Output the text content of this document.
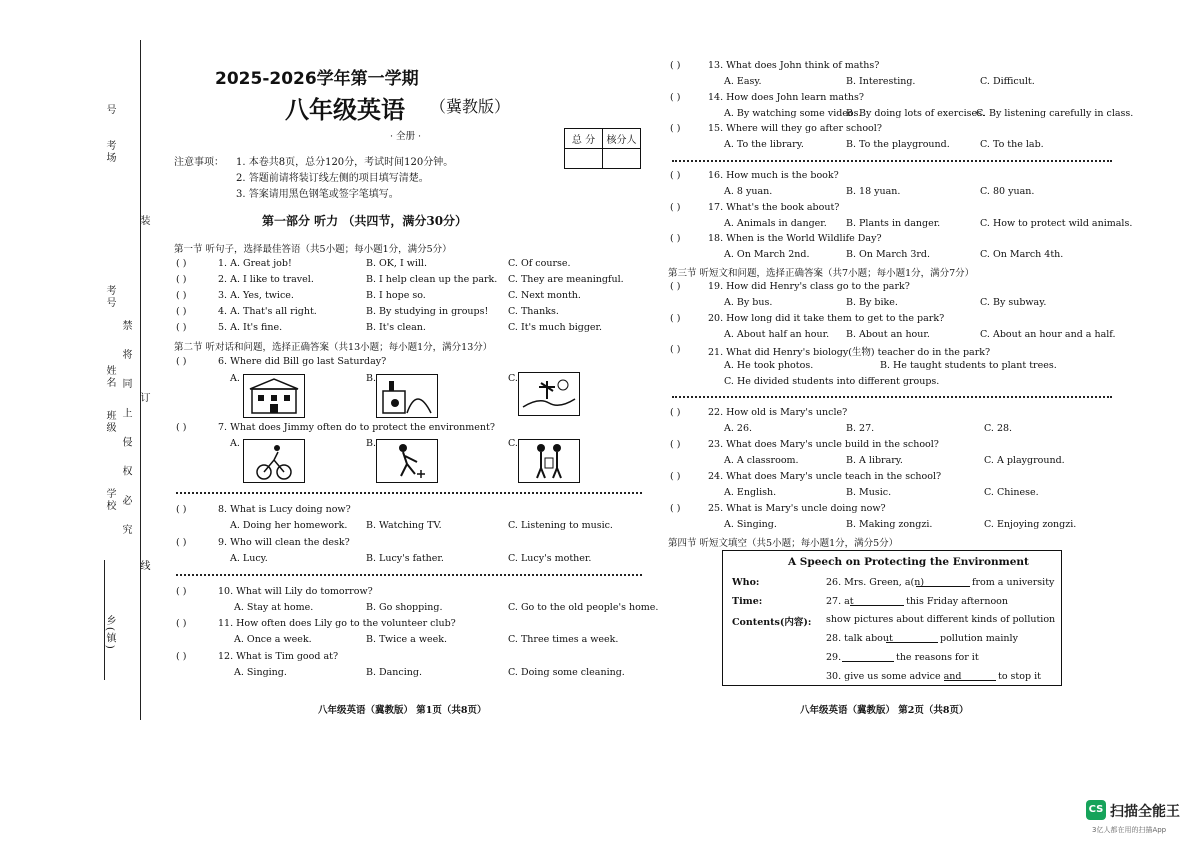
号
考场
装
考号
姓名
班级
学校
订
线
乡(镇)
禁 将 同 上 侵 权 必 究
2025-2026学年第一学期
八年级英语 （冀教版）
· 全册 ·	总 分	核分人

注意事项： 1. 本卷共8页，总分120分，考试时间120分钟。
2. 答题前请将装订线左侧的项目填写清楚。
3. 答案请用黑色钢笔或签字笔填写。
第一部分 听力 （共四节，满分30分）
第一节 听句子，选择最佳答语（共5小题；每小题1分，满分5分）
( )	1. A. Great job!	B. OK, I will.	C. Of course.
( )	2. A. I like to travel.	B. I help clean up the park. C. They are meaningful.
( )	3. A. Yes, twice.	B. I hope so.	C. Next month.
( )	4. A. That's all right.	B. By studying in groups! C. Thanks.
( )	5. A. It's fine.	B. It's clean.	C. It's much bigger.
第二节 听对话和问题，选择正确答案（共13小题；每小题1分，满分13分）
( )	6. Where did Bill go last Saturday?
A.	B.	C.
( )	7. What does Jimmy often do to protect the environment?
A.	B.	C.
( )	8. What is Lucy doing now?
A. Doing her homework. B. Watching TV.	C. Listening to music.
( )	9. Who will clean the desk?
A. Lucy.	B. Lucy's father.	C. Lucy's mother.
( )	10. What will Lily do tomorrow?
A. Stay at home.	B. Go shopping.	C. Go to the old people's home.
( )	11. How often does Lily go to the volunteer club?
A. Once a week.	B. Twice a week.	C. Three times a week.
( )	12. What is Tim good at?
A. Singing.	B. Dancing.	C. Doing some cleaning.
八年级英语（冀教版） 第1页（共8页）
( )	13. What does John think of maths?
A. Easy.	B. Interesting.	C. Difficult.
( )	14. How does John learn maths?
A. By watching some videos.
B. By doing lots of exercises.
C. By listening carefully in class.
( )	15. Where will they go after school?
A. To the library.	B. To the playground.	C. To the lab.
( )	16. How much is the book?
A. 8 yuan.	B. 18 yuan.	C. 80 yuan.
( )	17. What's the book about?
A. Animals in danger. B. Plants in danger.	C. How to protect wild animals.
( )	18. When is the World Wildlife Day?
A. On March 2nd.	B. On March 3rd.	C. On March 4th.
第三节 听短文和问题，选择正确答案（共7小题；每小题1分，满分7分）
( )	19. How did Henry's class go to the park?
A. By bus.	B. By bike.	C. By subway.
( )	20. How long did it take them to get to the park?
A. About half an hour. B. About an hour.	C. About an hour and a half.
( )	21. What did Henry's biology(生物) teacher do in the park?
A. He took photos.	B. He taught students to plant trees.
C. He divided students into different groups.
( )	22. How old is Mary's uncle?
A. 26.	B. 27.	C. 28.
( )	23. What does Mary's uncle build in the school?
A. A classroom.	B. A library.	C. A playground.
( )	24. What does Mary's uncle teach in the school?
A. English.	B. Music.	C. Chinese.
( )	25. What is Mary's uncle doing now?
A. Singing.	B. Making zongzi.	C. Enjoying zongzi.
第四节 听短文填空（共5小题；每小题1分，满分5分）
A Speech on Protecting the Environment
Who:	26. Mrs. Green, a(n)	from a university
Time:	27. at	this Friday afternoon
Contents(内容): show pictures about different kinds of pollution
28. talk about	pollution mainly
29.	the reasons for it
30. give us some advice and	to stop it
八年级英语（冀教版） 第2页（共8页）
CS 扫描全能王
3亿人都在用的扫描App
